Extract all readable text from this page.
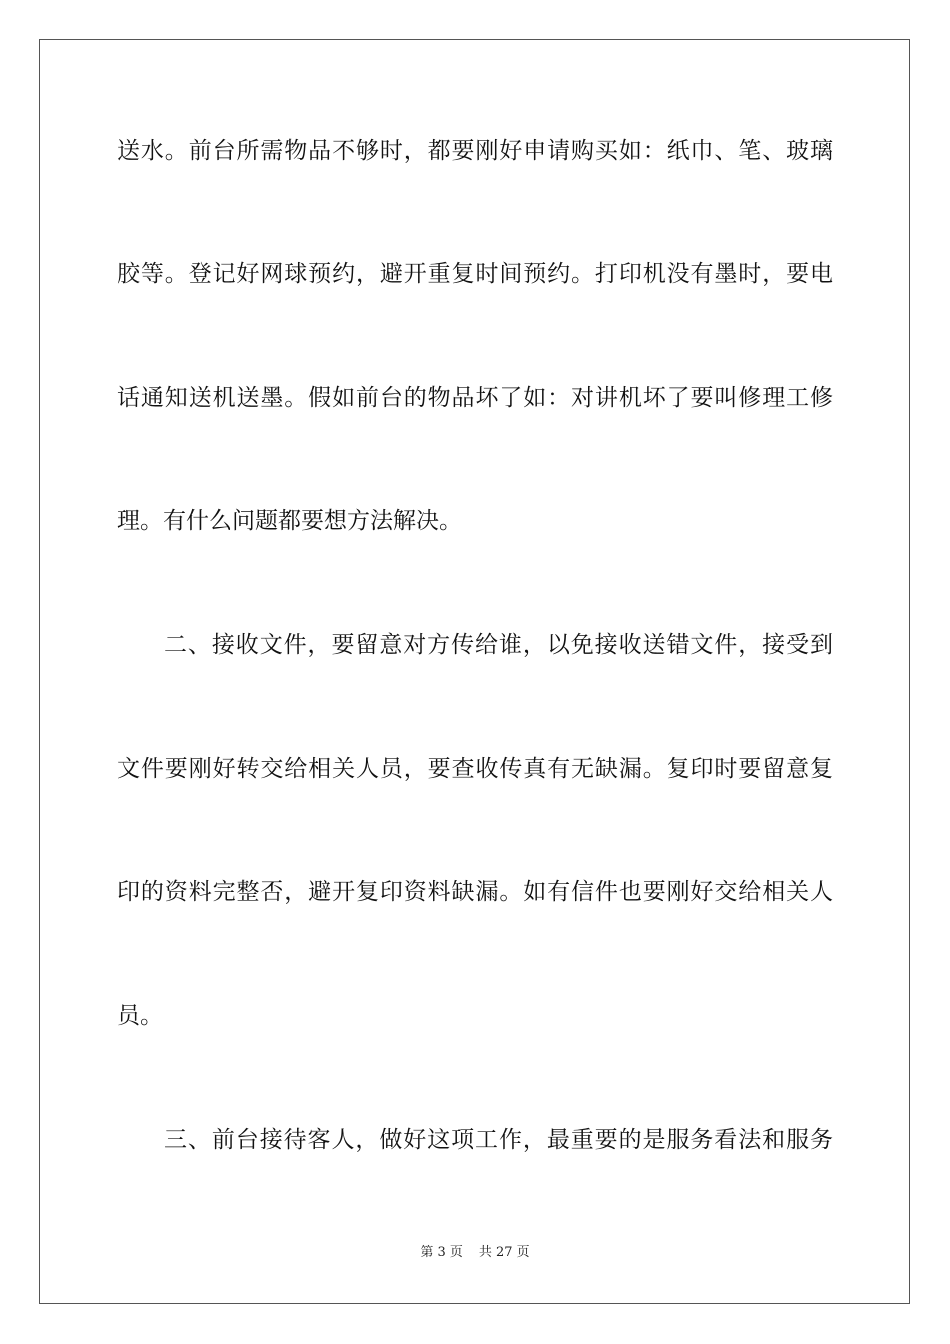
送水。前台所需物品不够时，都要刚好申请购买如：纸巾、笔、玻璃
胶等。登记好网球预约，避开重复时间预约。打印机没有墨时，要电
话通知送机送墨。假如前台的物品坏了如：对讲机坏了要叫修理工修
理。有什么问题都要想方法解决。
二、接收文件，要留意对方传给谁，以免接收送错文件，接受到
文件要刚好转交给相关人员，要查收传真有无缺漏。复印时要留意复
印的资料完整否，避开复印资料缺漏。如有信件也要刚好交给相关人
员。
三、前台接待客人，做好这项工作，最重要的是服务看法和服务
第 3 页 共 27 页
